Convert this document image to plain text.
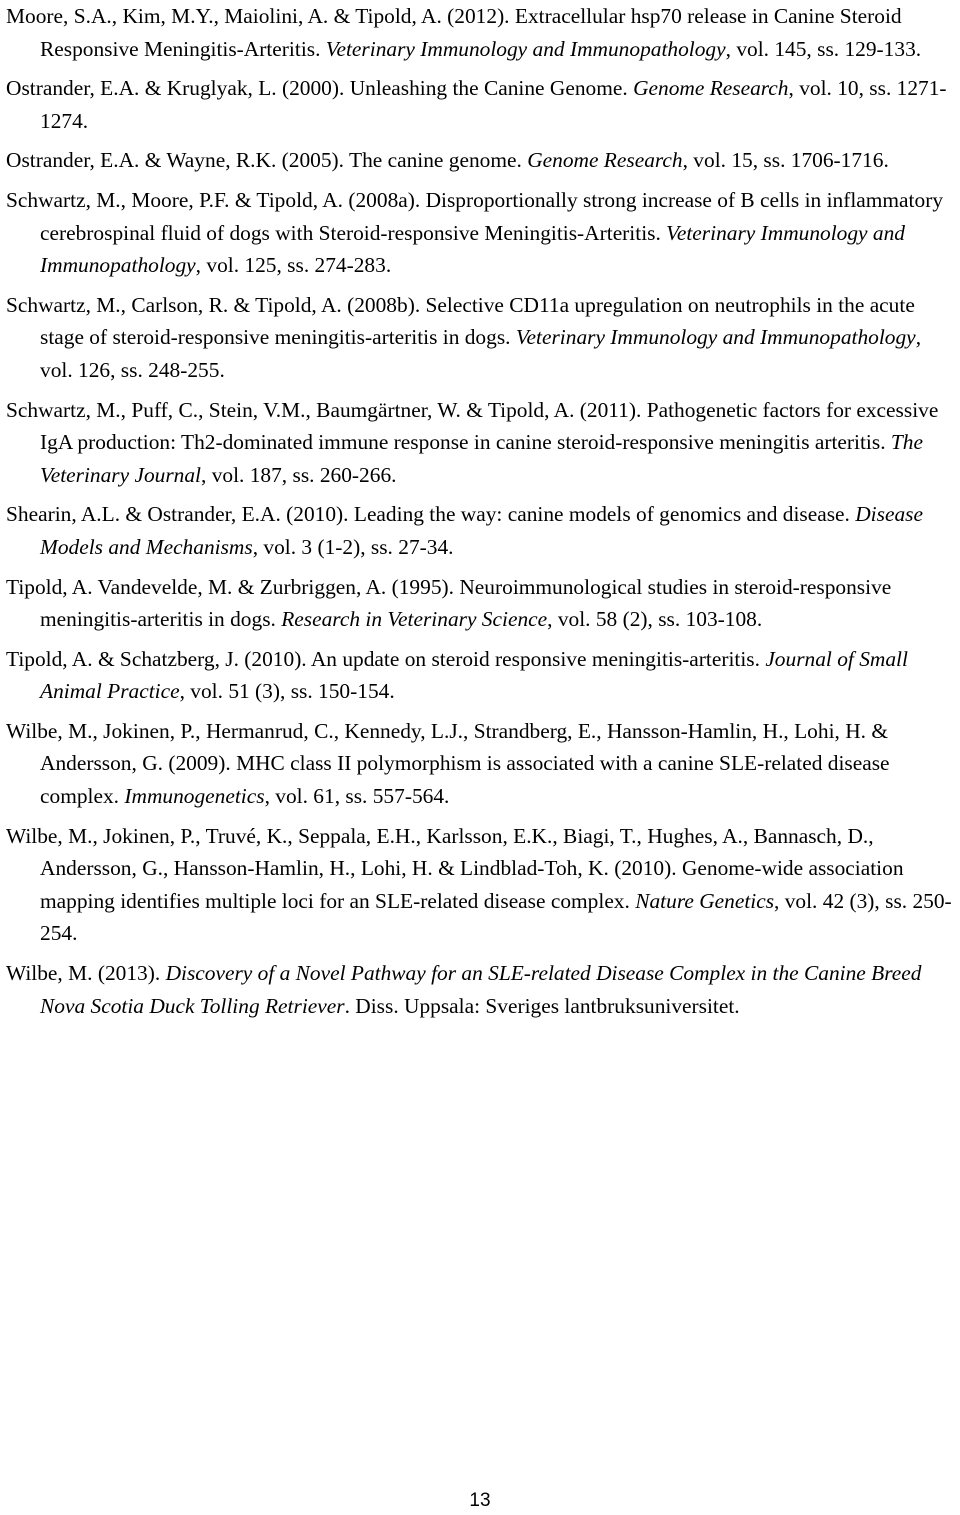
Moore, S.A., Kim, M.Y., Maiolini, A. & Tipold, A. (2012). Extracellular hsp70 release in Canine Steroid Responsive Meningitis-Arteritis. Veterinary Immunology and Immunopathology, vol. 145, ss. 129-133.

Ostrander, E.A. & Kruglyak, L. (2000). Unleashing the Canine Genome. Genome Research, vol. 10, ss. 1271-1274.

Ostrander, E.A. & Wayne, R.K. (2005). The canine genome. Genome Research, vol. 15, ss. 1706-1716.

Schwartz, M., Moore, P.F. & Tipold, A. (2008a). Disproportionally strong increase of B cells in inflammatory cerebrospinal fluid of dogs with Steroid-responsive Meningitis-Arteritis. Veterinary Immunology and Immunopathology, vol. 125, ss. 274-283.

Schwartz, M., Carlson, R. & Tipold, A. (2008b). Selective CD11a upregulation on neutrophils in the acute stage of steroid-responsive meningitis-arteritis in dogs. Veterinary Immunology and Immunopathology, vol. 126, ss. 248-255.

Schwartz, M., Puff, C., Stein, V.M., Baumgärtner, W. & Tipold, A. (2011). Pathogenetic factors for excessive IgA production: Th2-dominated immune response in canine steroid-responsive meningitis arteritis. The Veterinary Journal, vol. 187, ss. 260-266.

Shearin, A.L. & Ostrander, E.A. (2010). Leading the way: canine models of genomics and disease. Disease Models and Mechanisms, vol. 3 (1-2), ss. 27-34.

Tipold, A. Vandevelde, M. & Zurbriggen, A. (1995). Neuroimmunological studies in steroid-responsive meningitis-arteritis in dogs. Research in Veterinary Science, vol. 58 (2), ss. 103-108.

Tipold, A. & Schatzberg, J. (2010). An update on steroid responsive meningitis-arteritis. Journal of Small Animal Practice, vol. 51 (3), ss. 150-154.

Wilbe, M., Jokinen, P., Hermanrud, C., Kennedy, L.J., Strandberg, E., Hansson-Hamlin, H., Lohi, H. & Andersson, G. (2009). MHC class II polymorphism is associated with a canine SLE-related disease complex. Immunogenetics, vol. 61, ss. 557-564.

Wilbe, M., Jokinen, P., Truvé, K., Seppala, E.H., Karlsson, E.K., Biagi, T., Hughes, A., Bannasch, D., Andersson, G., Hansson-Hamlin, H., Lohi, H. & Lindblad-Toh, K. (2010). Genome-wide association mapping identifies multiple loci for an SLE-related disease complex. Nature Genetics, vol. 42 (3), ss. 250-254.

Wilbe, M. (2013). Discovery of a Novel Pathway for an SLE-related Disease Complex in the Canine Breed Nova Scotia Duck Tolling Retriever. Diss. Uppsala: Sveriges lantbruksuniversitet.

13
